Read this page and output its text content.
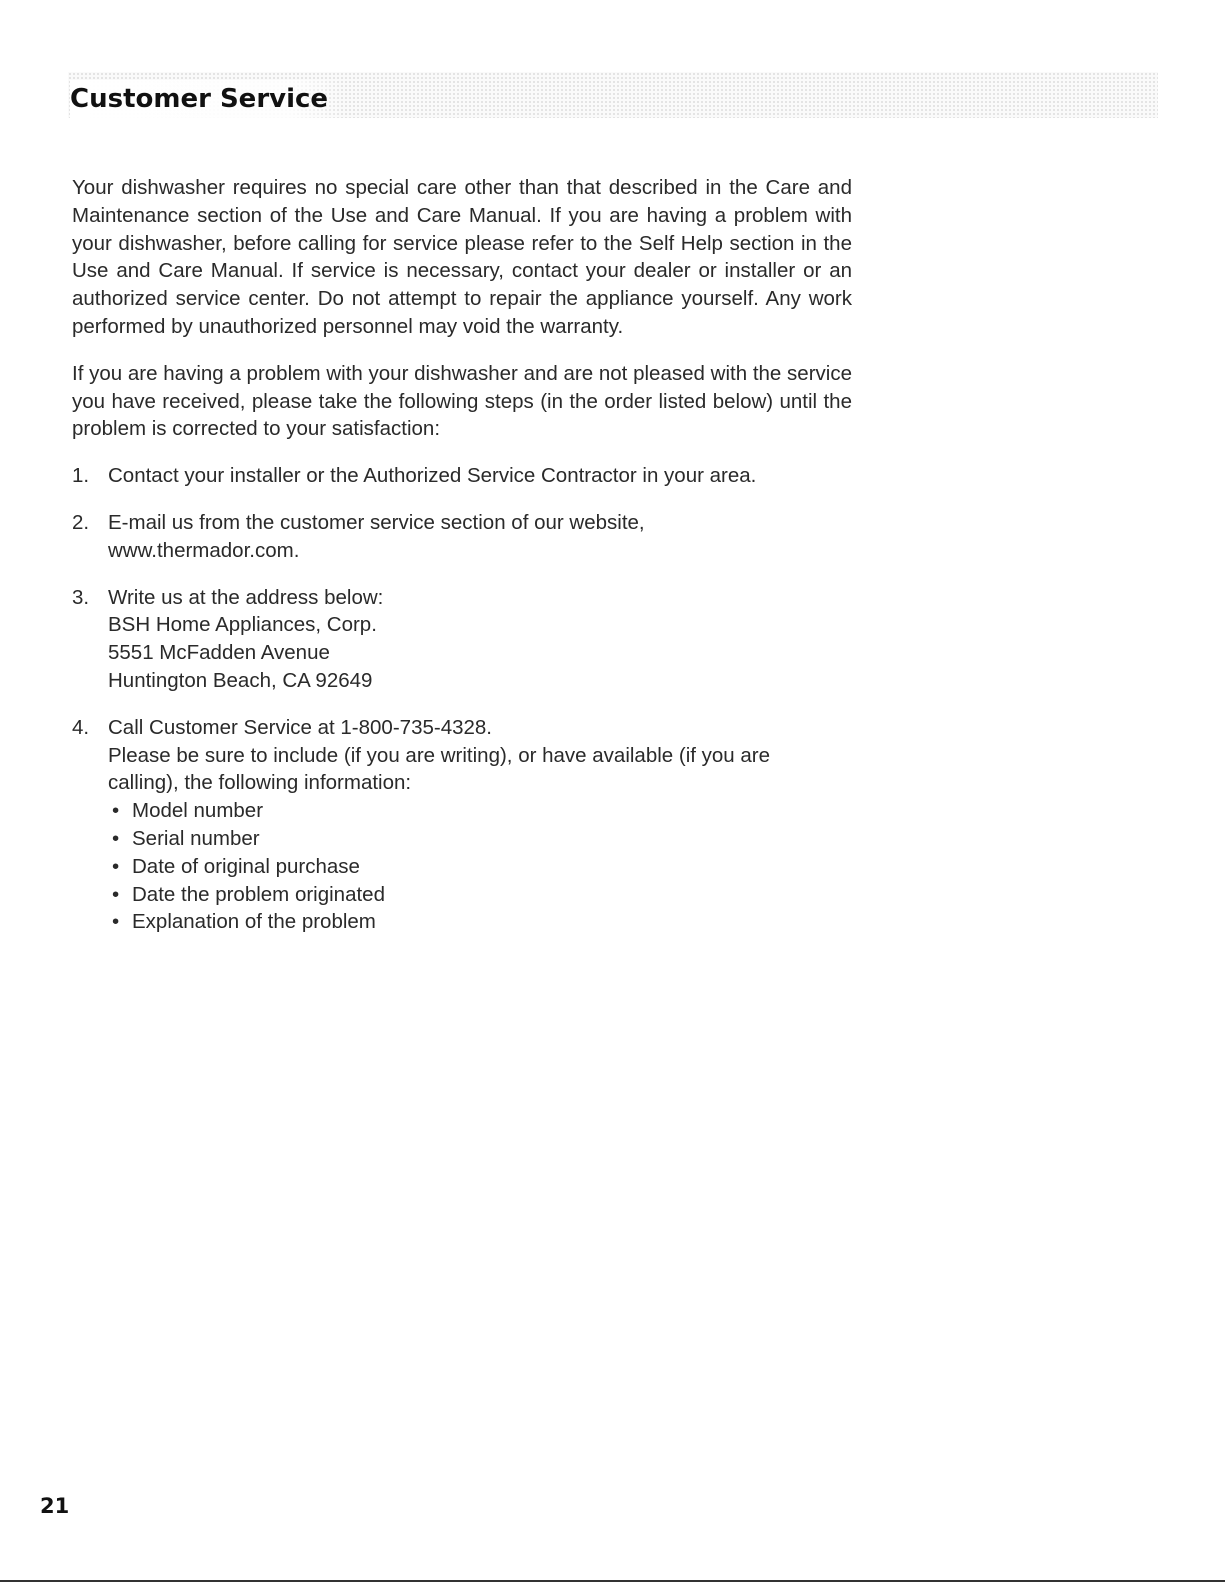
Customer Service

Your dishwasher requires no special care other than that described in the Care and Maintenance section of the Use and Care Manual. If you are having a problem with your dishwasher, before calling for service please refer to the Self Help section in the Use and Care Manual. If service is necessary, contact your dealer or installer or an authorized service center. Do not attempt to repair the appliance yourself. Any work performed by unauthorized personnel may void the warranty.

If you are having a problem with your dishwasher and are not pleased with the service you have received, please take the following steps (in the order listed below) until the problem is corrected to your satisfaction:

1. Contact your installer or the Authorized Service Contractor in your area.
2. E-mail us from the customer service section of our website,
www.thermador.com.
3. Write us at the address below:
BSH Home Appliances, Corp.
5551 McFadden Avenue
Huntington Beach, CA 92649
4. Call Customer Service at 1-800-735-4328.
Please be sure to include (if you are writing), or have available (if you are
calling), the following information:
• Model number
• Serial number
• Date of original purchase
• Date the problem originated
• Explanation of the problem
21
